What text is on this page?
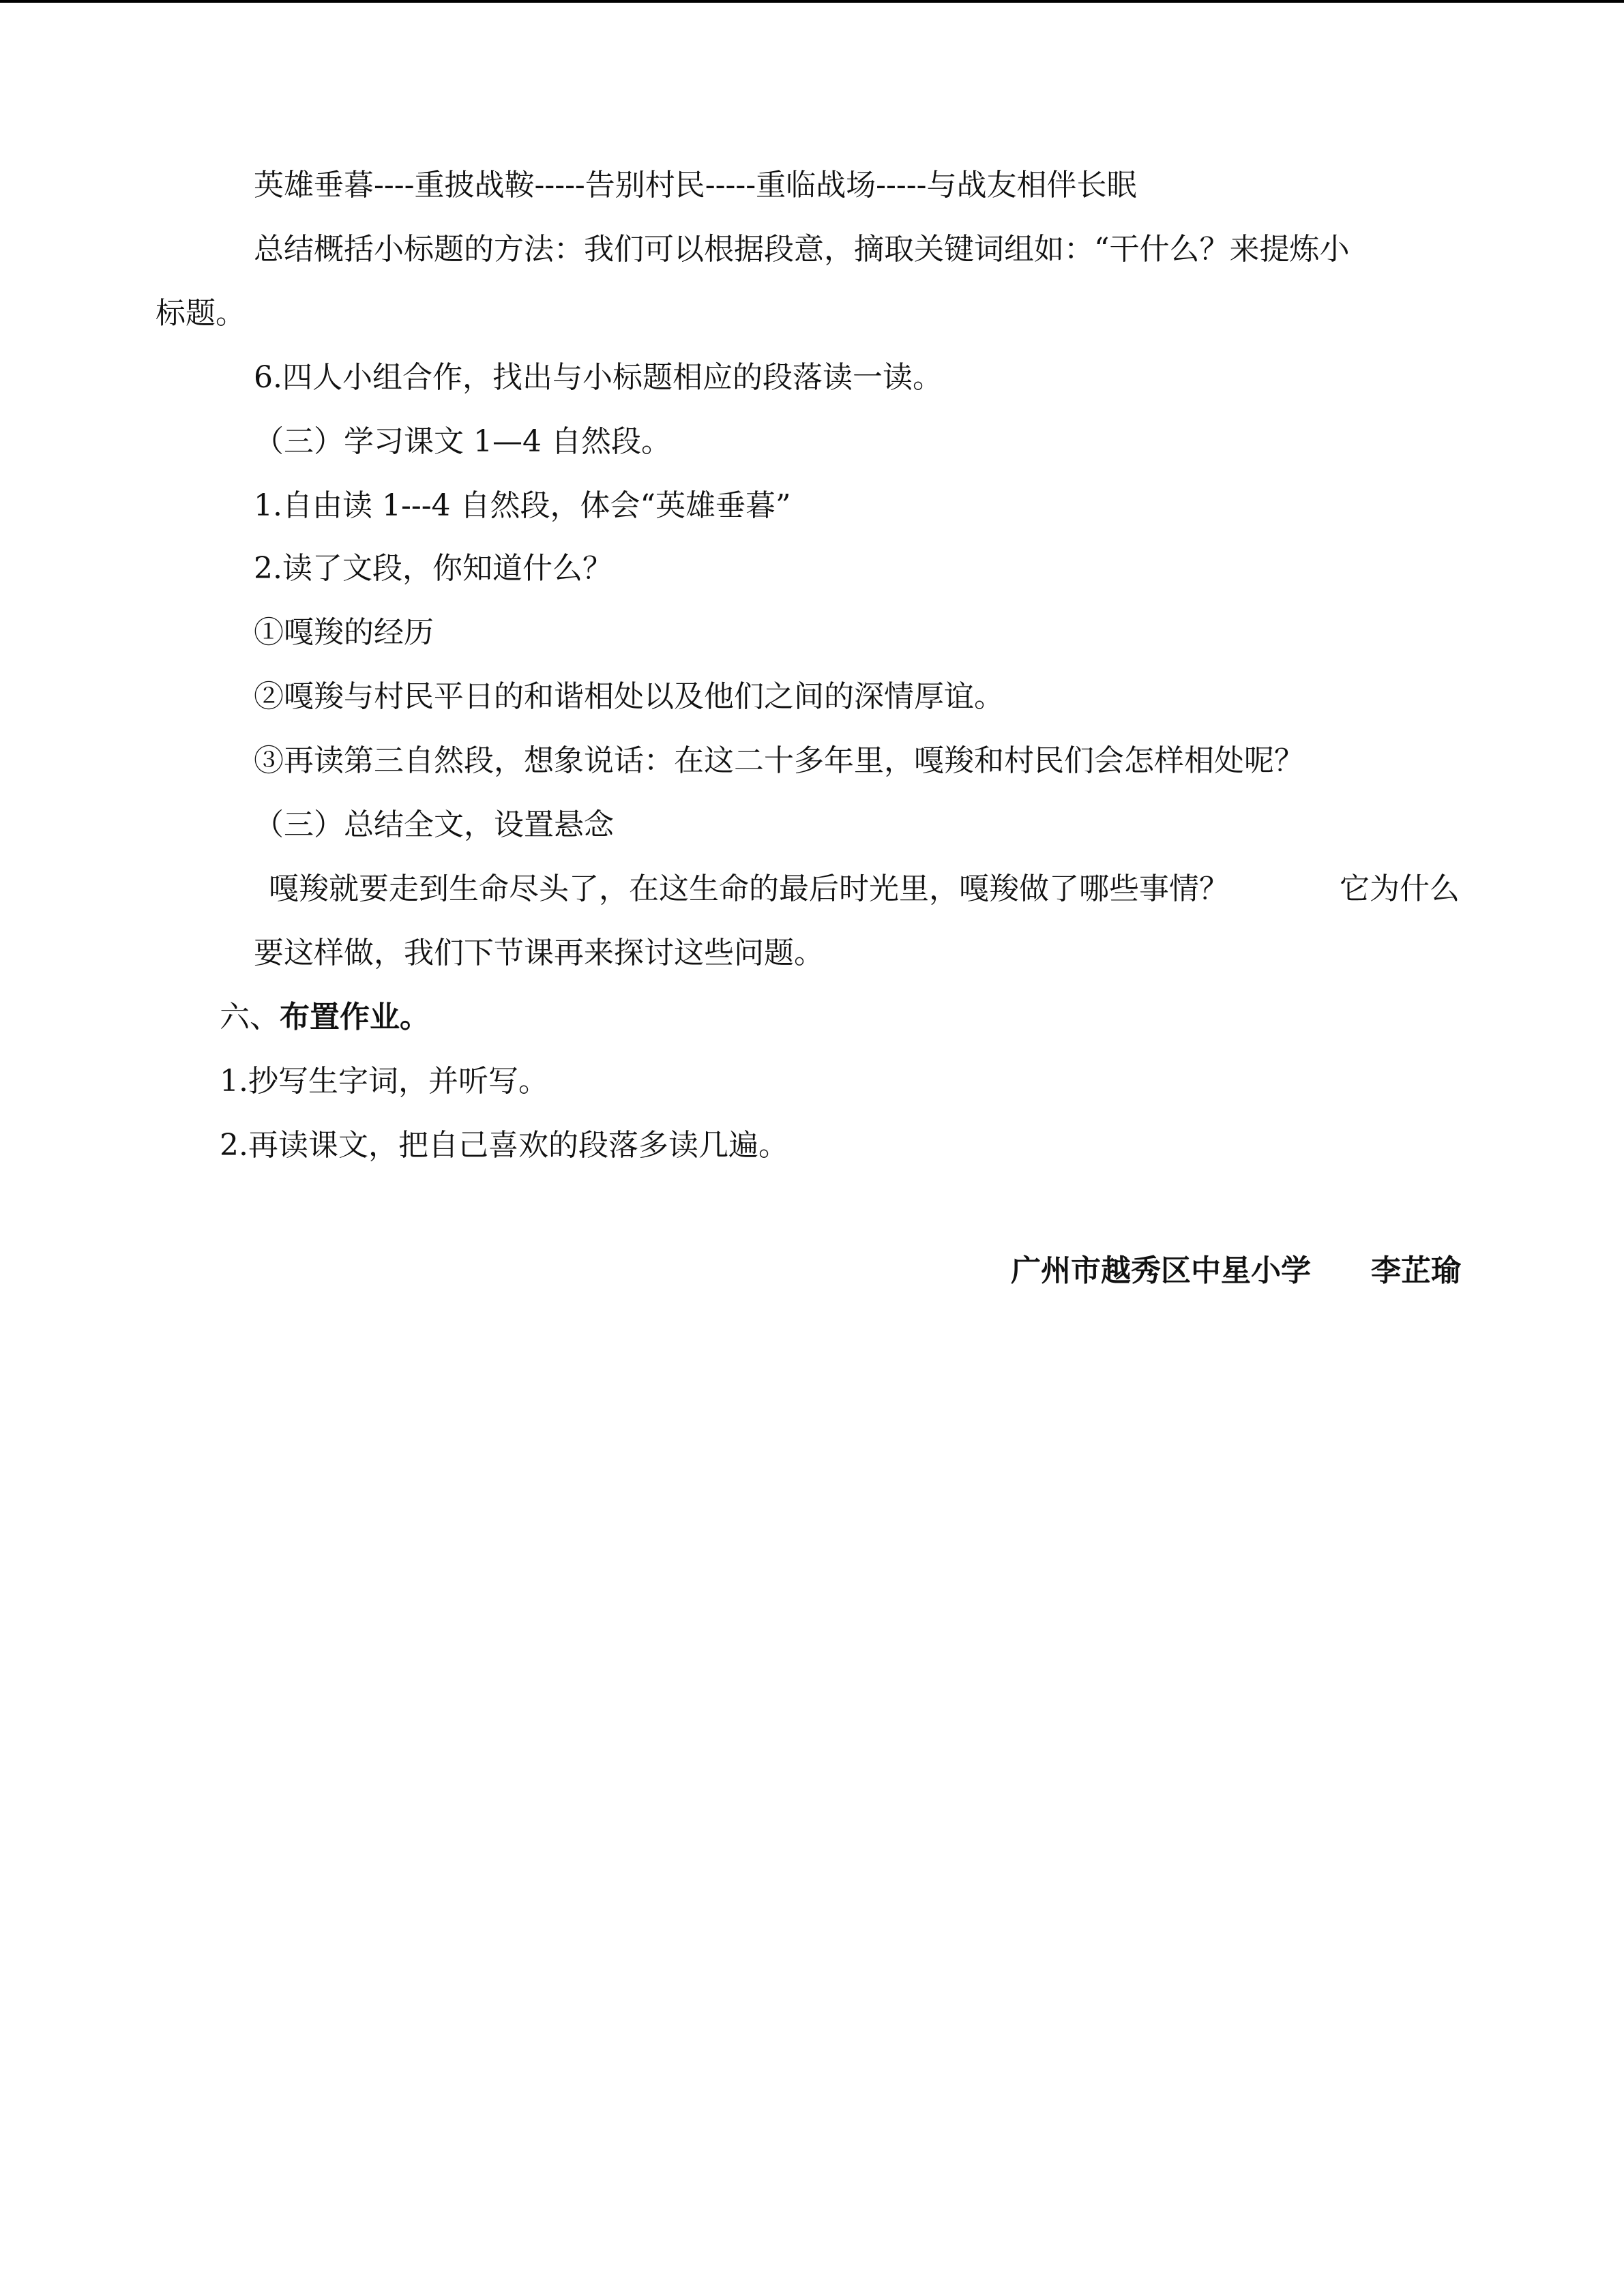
英雄垂暮----重披战鞍-----告别村民-----重临战场-----与战友相伴长眠
总结概括小标题的方法：我们可以根据段意，摘取关键词组如：“干什么？来提炼小
标题。
6.四人小组合作，找出与小标题相应的段落读一读。
（三）学习课文 1—4 自然段。
1.自由读 1---4 自然段，体会“英雄垂暮”
2.读了文段，你知道什么？
①嘎羧的经历
②嘎羧与村民平日的和谐相处以及他们之间的深情厚谊。
③再读第三自然段，想象说话：在这二十多年里，嘎羧和村民们会怎样相处呢？
（三）总结全文，设置悬念
嘎羧就要走到生命尽头了，在这生命的最后时光里，嘎羧做了哪些事情？	它为什么
要这样做，我们下节课再来探讨这些问题。
六、布置作业。
1.抄写生字词，并听写。
2.再读课文，把自己喜欢的段落多读几遍。
广州市越秀区中星小学 李芷瑜
